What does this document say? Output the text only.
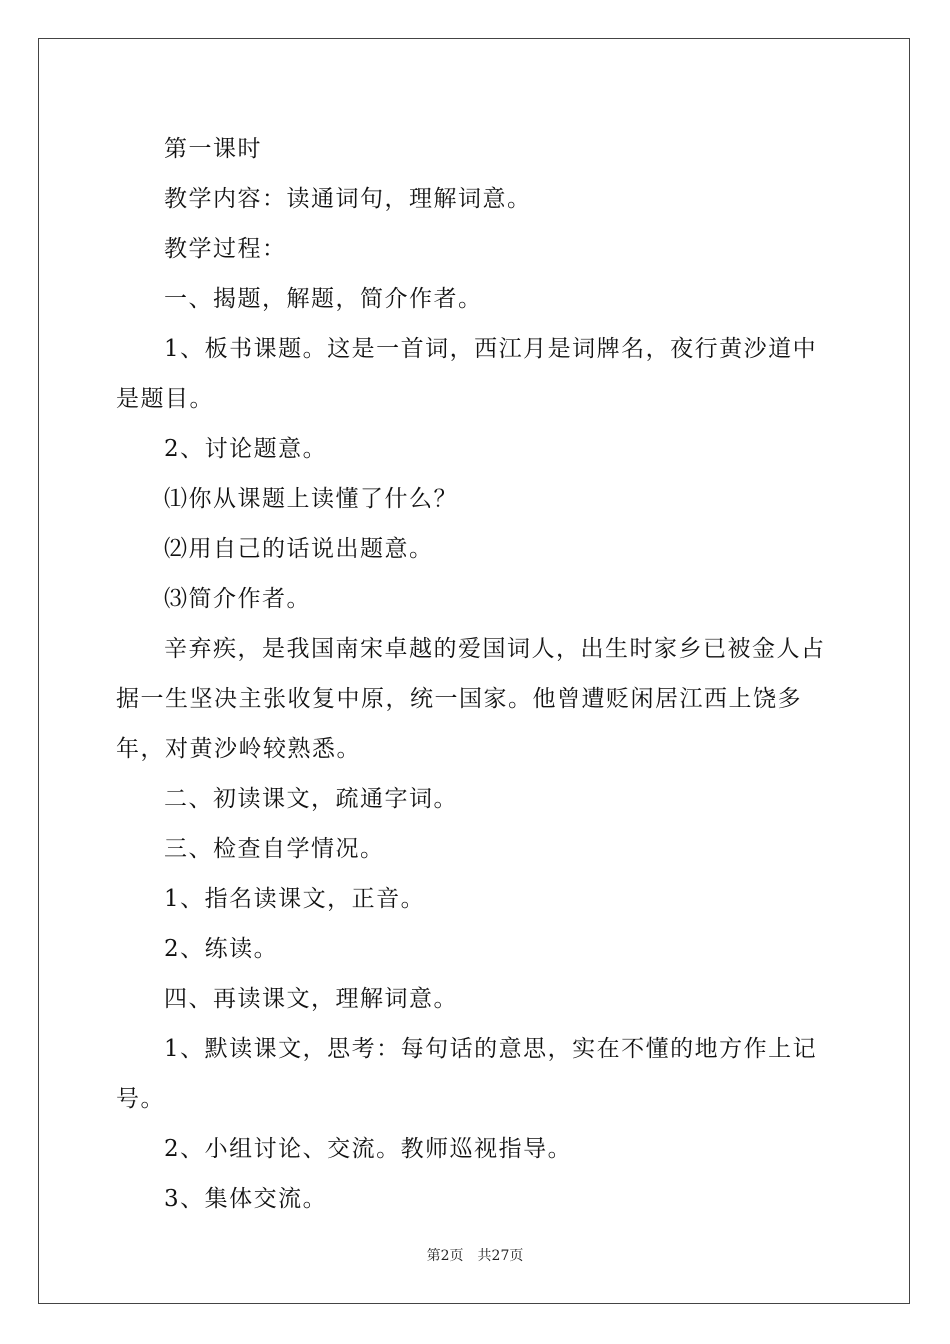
第一课时

教学内容：读通词句，理解词意。

教学过程：

一、揭题，解题，简介作者。

1、板书课题。这是一首词，西江月是词牌名，夜行黄沙道中是题目。

2、讨论题意。

⑴你从课题上读懂了什么？

⑵用自己的话说出题意。

⑶简介作者。

辛弃疾，是我国南宋卓越的爱国词人，出生时家乡已被金人占据一生坚决主张收复中原，统一国家。他曾遭贬闲居江西上饶多年，对黄沙岭较熟悉。

二、初读课文，疏通字词。

三、检查自学情况。

1、指名读课文，正音。

2、练读。

四、再读课文，理解词意。

1、默读课文，思考：每句话的意思，实在不懂的地方作上记号。

2、小组讨论、交流。教师巡视指导。

3、集体交流。

第2页 共27页
